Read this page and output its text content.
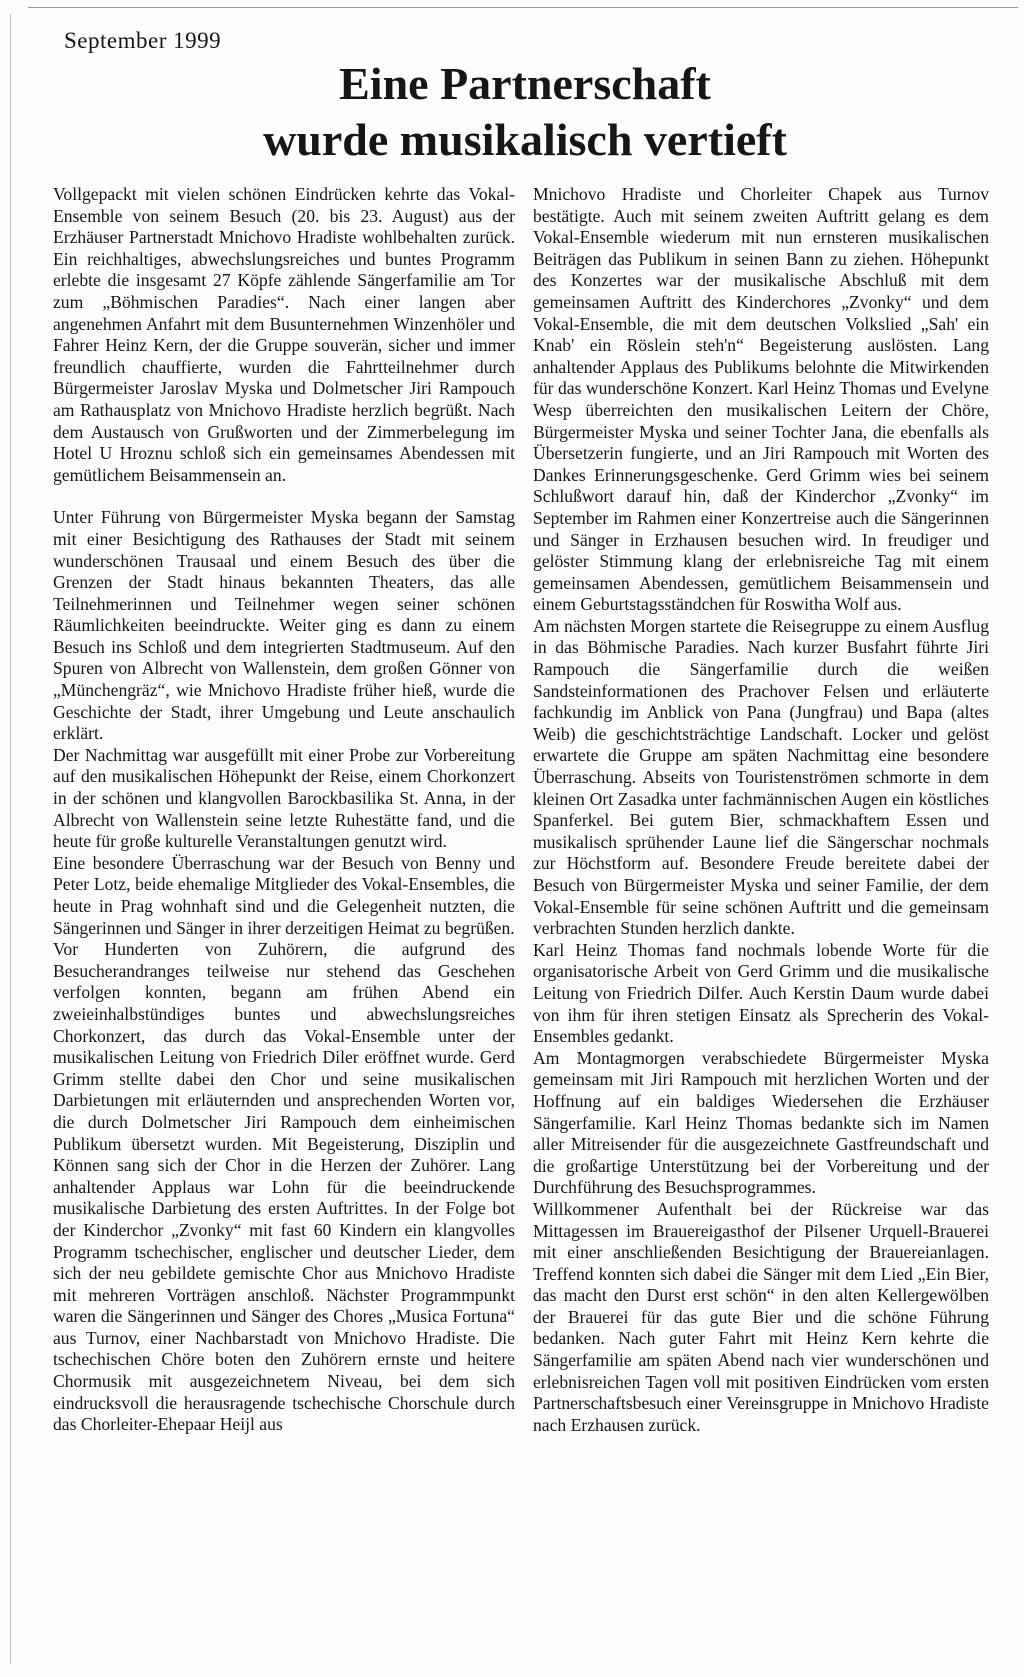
September 1999
Eine Partnerschaft
wurde musikalisch vertieft

Vollgepackt mit vielen schönen Eindrücken kehrte das Vokal-Ensemble von seinem Besuch (20. bis 23. August) aus der Erzhäuser Partnerstadt Mnichovo Hradiste wohlbehalten zurück. Ein reichhaltiges, abwechslungsreiches und buntes Programm erlebte die insgesamt 27 Köpfe zählende Sängerfamilie am Tor zum „Böhmischen Paradies“. Nach einer langen aber angenehmen Anfahrt mit dem Busunternehmen Winzenhöler und Fahrer Heinz Kern, der die Gruppe souverän, sicher und immer freundlich chauffierte, wurden die Fahrtteilnehmer durch Bürgermeister Jaroslav Myska und Dolmetscher Jiri Rampouch am Rathausplatz von Mnichovo Hradiste herzlich begrüßt. Nach dem Austausch von Grußworten und der Zimmerbelegung im Hotel U Hroznu schloß sich ein gemeinsames Abendessen mit gemütlichem Beisammensein an.

Unter Führung von Bürgermeister Myska begann der Samstag mit einer Besichtigung des Rathauses der Stadt mit seinem wunderschönen Trausaal und einem Besuch des über die Grenzen der Stadt hinaus bekannten Theaters, das alle Teilnehmerinnen und Teilnehmer wegen seiner schönen Räumlichkeiten beeindruckte. Weiter ging es dann zu einem Besuch ins Schloß und dem integrierten Stadtmuseum. Auf den Spuren von Albrecht von Wallenstein, dem großen Gönner von „Münchengräz“, wie Mnichovo Hradiste früher hieß, wurde die Geschichte der Stadt, ihrer Umgebung und Leute anschaulich erklärt.

Der Nachmittag war ausgefüllt mit einer Probe zur Vorbereitung auf den musikalischen Höhepunkt der Reise, einem Chorkonzert in der schönen und klangvollen Barockbasilika St. Anna, in der Albrecht von Wallenstein seine letzte Ruhestätte fand, und die heute für große kulturelle Veranstaltungen genutzt wird.

Eine besondere Überraschung war der Besuch von Benny und Peter Lotz, beide ehemalige Mitglieder des Vokal-Ensembles, die heute in Prag wohnhaft sind und die Gelegenheit nutzten, die Sängerinnen und Sänger in ihrer derzeitigen Heimat zu begrüßen.

Vor Hunderten von Zuhörern, die aufgrund des Besucherandranges teilweise nur stehend das Geschehen verfolgen konnten, begann am frühen Abend ein zweieinhalbstündiges buntes und abwechslungsreiches Chorkonzert, das durch das Vokal-Ensemble unter der musikalischen Leitung von Friedrich Diler eröffnet wurde. Gerd Grimm stellte dabei den Chor und seine musikalischen Darbietungen mit erläuternden und ansprechenden Worten vor, die durch Dolmetscher Jiri Rampouch dem einheimischen Publikum übersetzt wurden. Mit Begeisterung, Disziplin und Können sang sich der Chor in die Herzen der Zuhörer. Lang anhaltender Applaus war Lohn für die beeindruckende musikalische Darbietung des ersten Auftrittes. In der Folge bot der Kinderchor „Zvonky“ mit fast 60 Kindern ein klangvolles Programm tschechischer, englischer und deutscher Lieder, dem sich der neu gebildete gemischte Chor aus Mnichovo Hradiste mit mehreren Vorträgen anschloß. Nächster Programmpunkt waren die Sängerinnen und Sänger des Chores „Musica Fortuna“ aus Turnov, einer Nachbarstadt von Mnichovo Hradiste. Die tschechischen Chöre boten den Zuhörern ernste und heitere Chormusik mit ausgezeichnetem Niveau, bei dem sich eindrucksvoll die herausragende tschechische Chorschule durch das Chorleiter-Ehepaar Heijl aus

Mnichovo Hradiste und Chorleiter Chapek aus Turnov bestätigte. Auch mit seinem zweiten Auftritt gelang es dem Vokal-Ensemble wiederum mit nun ernsteren musikalischen Beiträgen das Publikum in seinen Bann zu ziehen. Höhepunkt des Konzertes war der musikalische Abschluß mit dem gemeinsamen Auftritt des Kinderchores „Zvonky“ und dem Vokal-Ensemble, die mit dem deutschen Volkslied „Sah' ein Knab' ein Röslein steh'n“ Begeisterung auslösten. Lang anhaltender Applaus des Publikums belohnte die Mitwirkenden für das wunderschöne Konzert. Karl Heinz Thomas und Evelyne Wesp überreichten den musikalischen Leitern der Chöre, Bürgermeister Myska und seiner Tochter Jana, die ebenfalls als Übersetzerin fungierte, und an Jiri Rampouch mit Worten des Dankes Erinnerungsgeschenke. Gerd Grimm wies bei seinem Schlußwort darauf hin, daß der Kinderchor „Zvonky“ im September im Rahmen einer Konzertreise auch die Sängerinnen und Sänger in Erzhausen besuchen wird. In freudiger und gelöster Stimmung klang der erlebnisreiche Tag mit einem gemeinsamen Abendessen, gemütlichem Beisammensein und einem Geburtstagsständchen für Roswitha Wolf aus.

Am nächsten Morgen startete die Reisegruppe zu einem Ausflug in das Böhmische Paradies. Nach kurzer Busfahrt führte Jiri Rampouch die Sängerfamilie durch die weißen Sandsteinformationen des Prachover Felsen und erläuterte fachkundig im Anblick von Pana (Jungfrau) und Bapa (altes Weib) die geschichtsträchtige Landschaft. Locker und gelöst erwartete die Gruppe am späten Nachmittag eine besondere Überraschung. Abseits von Touristenströmen schmorte in dem kleinen Ort Zasadka unter fachmännischen Augen ein köstliches Spanferkel. Bei gutem Bier, schmackhaftem Essen und musikalisch sprühender Laune lief die Sängerschar nochmals zur Höchstform auf. Besondere Freude bereitete dabei der Besuch von Bürgermeister Myska und seiner Familie, der dem Vokal-Ensemble für seine schönen Auftritt und die gemeinsam verbrachten Stunden herzlich dankte.

Karl Heinz Thomas fand nochmals lobende Worte für die organisatorische Arbeit von Gerd Grimm und die musikalische Leitung von Friedrich Dilfer. Auch Kerstin Daum wurde dabei von ihm für ihren stetigen Einsatz als Sprecherin des Vokal-Ensembles gedankt.

Am Montagmorgen verabschiedete Bürgermeister Myska gemeinsam mit Jiri Rampouch mit herzlichen Worten und der Hoffnung auf ein baldiges Wiedersehen die Erzhäuser Sängerfamilie. Karl Heinz Thomas bedankte sich im Namen aller Mitreisender für die ausgezeichnete Gastfreundschaft und die großartige Unterstützung bei der Vorbereitung und der Durchführung des Besuchsprogrammes.

Willkommener Aufenthalt bei der Rückreise war das Mittagessen im Brauereigasthof der Pilsener Urquell-Brauerei mit einer anschließenden Besichtigung der Brauereianlagen. Treffend konnten sich dabei die Sänger mit dem Lied „Ein Bier, das macht den Durst erst schön“ in den alten Kellergewölben der Brauerei für das gute Bier und die schöne Führung bedanken. Nach guter Fahrt mit Heinz Kern kehrte die Sängerfamilie am späten Abend nach vier wunderschönen und erlebnisreichen Tagen voll mit positiven Eindrücken vom ersten Partnerschaftsbesuch einer Vereinsgruppe in Mnichovo Hradiste nach Erzhausen zurück.
